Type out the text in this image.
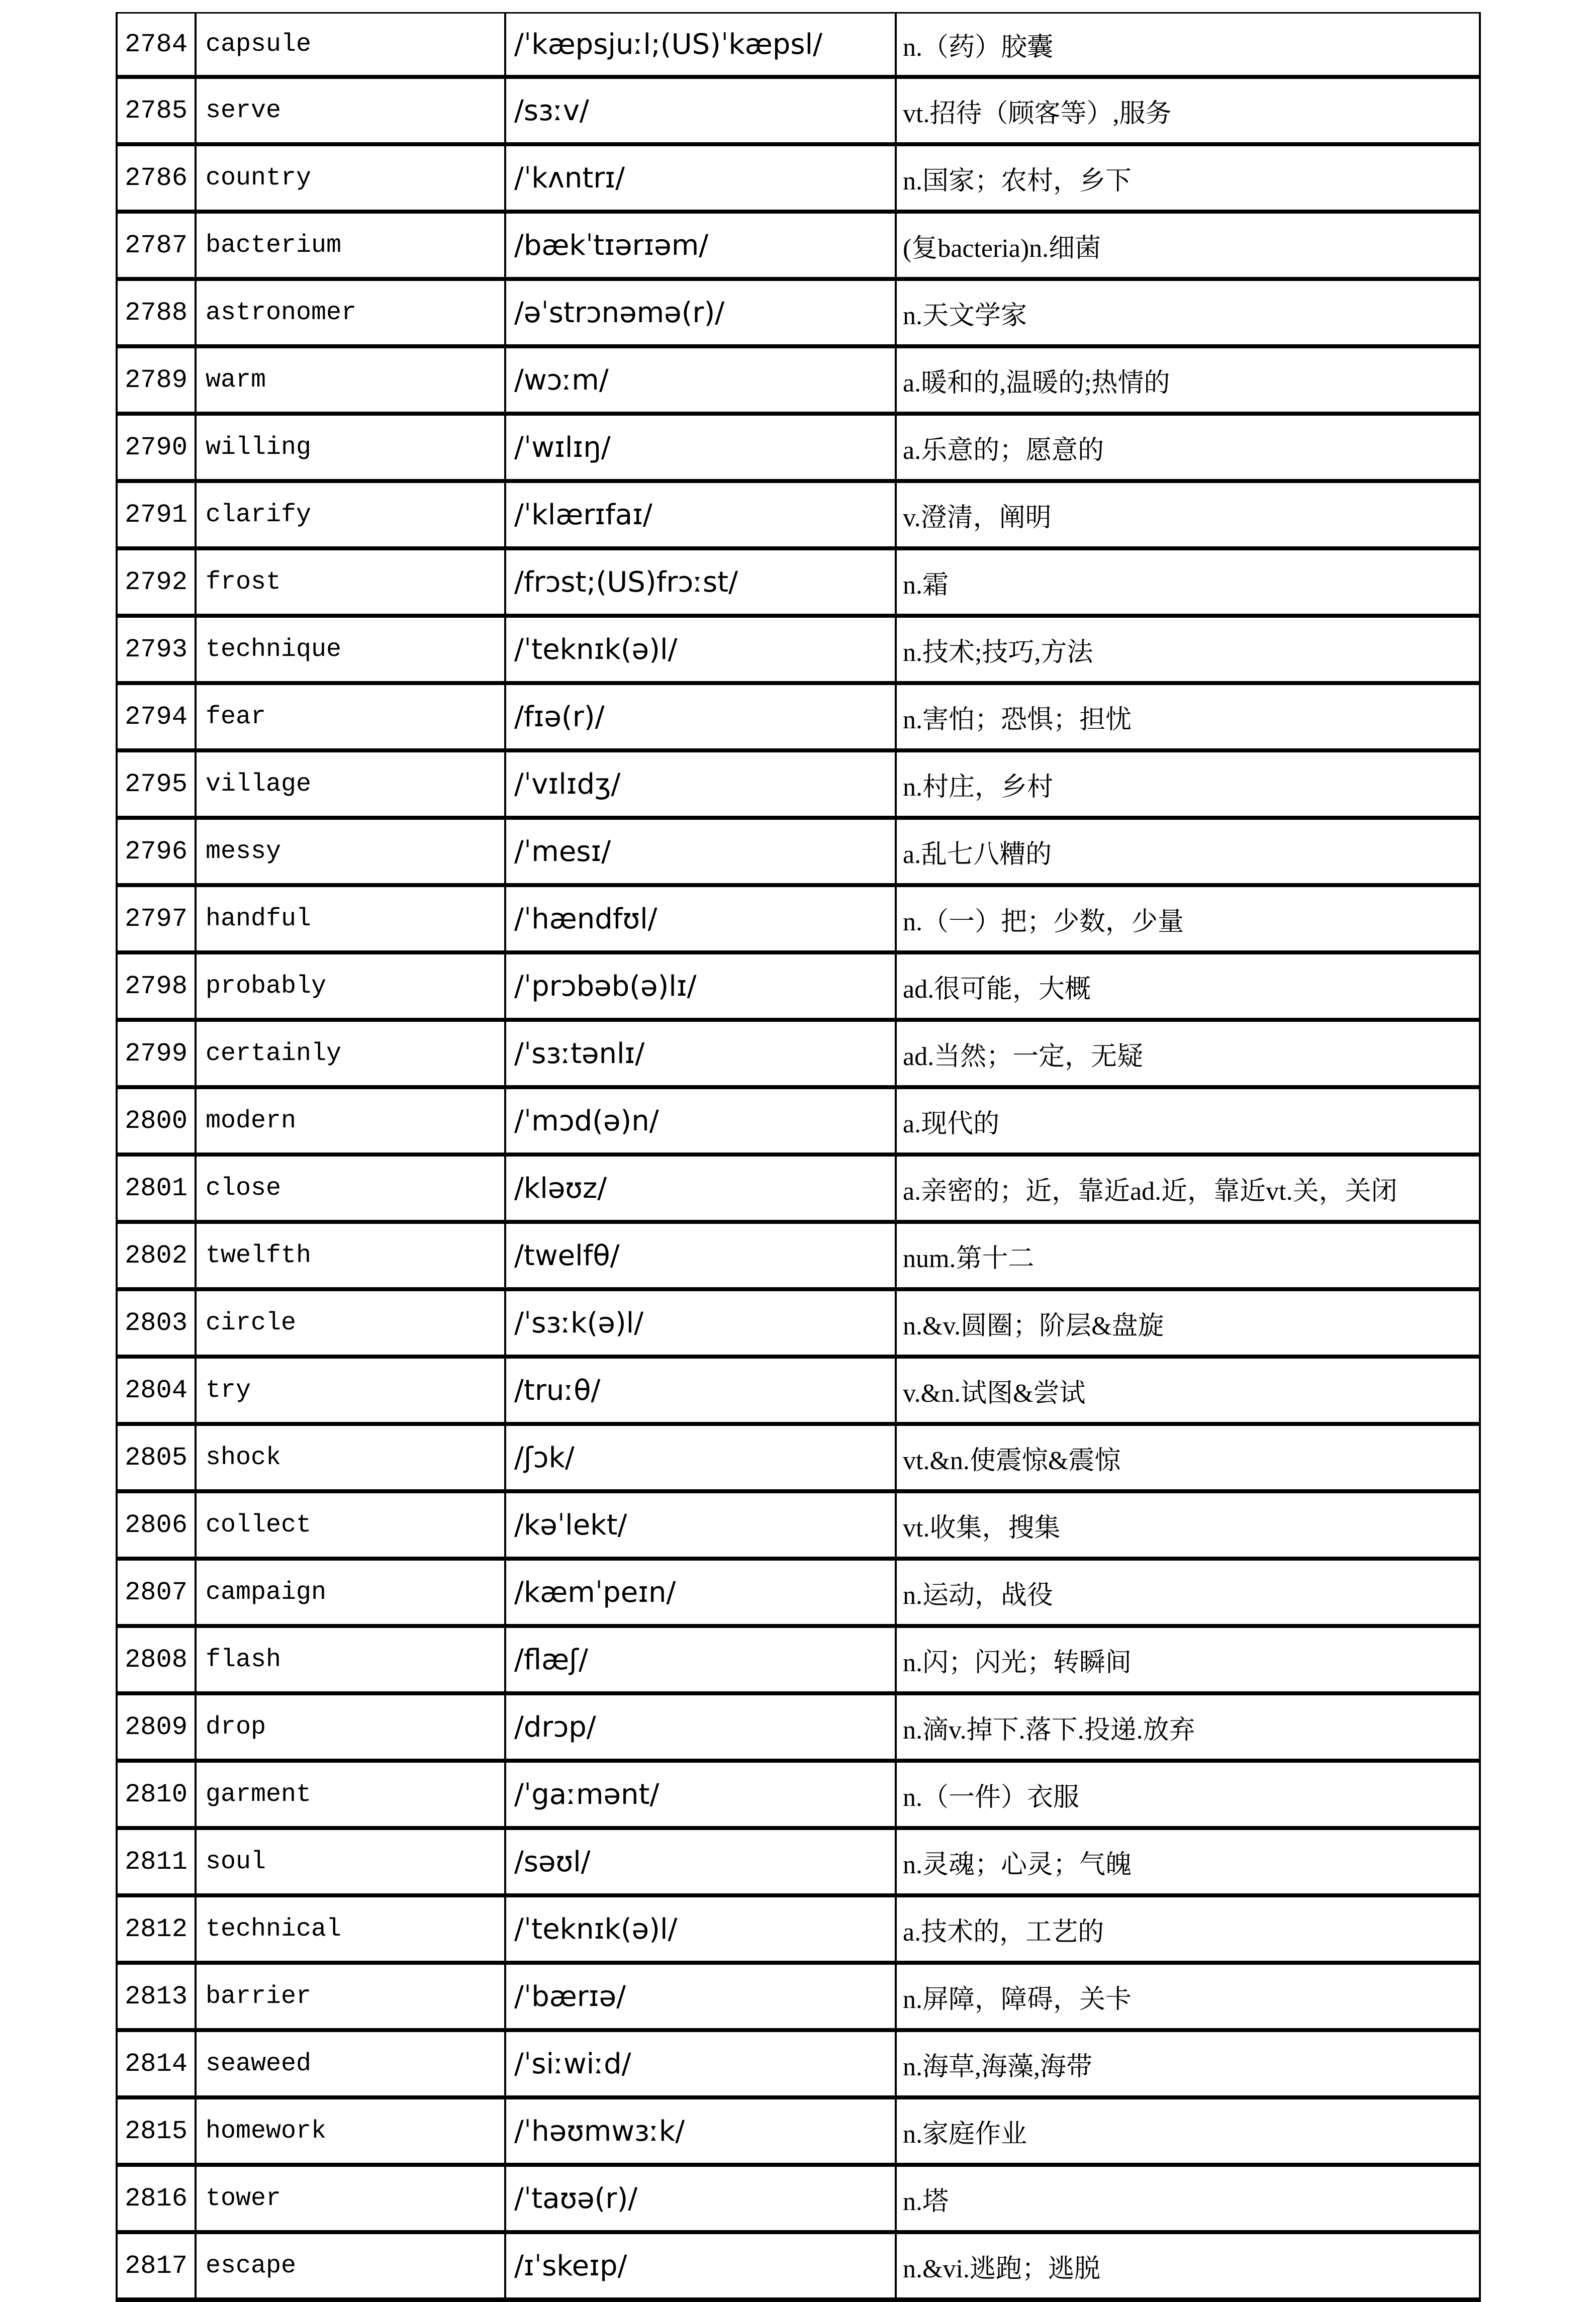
2784	capsule	/ˈkæpsjuːl;(US)ˈkæpsl/	n.（药）胶囊
2785	serve	/sɜːv/	vt.招待（顾客等）,服务
2786	country	/ˈkʌntrɪ/	n.国家；农村，乡下
2787	bacterium	/bækˈtɪərɪəm/	(复bacteria)n.细菌
2788	astronomer	/əˈstrɔnəmə(r)/	n.天文学家
2789	warm	/wɔːm/	a.暖和的,温暖的;热情的
2790	willing	/ˈwɪlɪŋ/	a.乐意的；愿意的
2791	clarify	/ˈklærɪfaɪ/	v.澄清，阐明
2792	frost	/frɔst;(US)frɔːst/	n.霜
2793	technique	/ˈteknɪk(ə)l/	n.技术;技巧,方法
2794	fear	/fɪə(r)/	n.害怕；恐惧；担忧
2795	village	/ˈvɪlɪdʒ/	n.村庄，乡村
2796	messy	/ˈmesɪ/	a.乱七八糟的
2797	handful	/ˈhændfʊl/	n.（一）把；少数，少量
2798	probably	/ˈprɔbəb(ə)lɪ/	ad.很可能，大概
2799	certainly	/ˈsɜːtənlɪ/	ad.当然；一定，无疑
2800	modern	/ˈmɔd(ə)n/	a.现代的
2801	close	/kləʊz/	a.亲密的；近，靠近ad.近，靠近vt.关，关闭
2802	twelfth	/twelfθ/	num.第十二
2803	circle	/ˈsɜːk(ə)l/	n.&v.圆圈；阶层&盘旋
2804	try	/truːθ/	v.&n.试图&尝试
2805	shock	/ʃɔk/	vt.&n.使震惊&震惊
2806	collect	/kəˈlekt/	vt.收集，搜集
2807	campaign	/kæmˈpeɪn/	n.运动，战役
2808	flash	/flæʃ/	n.闪；闪光；转瞬间
2809	drop	/drɔp/	n.滴v.掉下.落下.投递.放弃
2810	garment	/ˈgaːmənt/	n.（一件）衣服
2811	soul	/səʊl/	n.灵魂；心灵；气魄
2812	technical	/ˈteknɪk(ə)l/	a.技术的，工艺的
2813	barrier	/ˈbærɪə/	n.屏障，障碍，关卡
2814	seaweed	/ˈsiːwiːd/	n.海草,海藻,海带
2815	homework	/ˈhəʊmwɜːk/	n.家庭作业
2816	tower	/ˈtaʊə(r)/	n.塔
2817	escape	/ɪˈskeɪp/	n.&vi.逃跑；逃脱
